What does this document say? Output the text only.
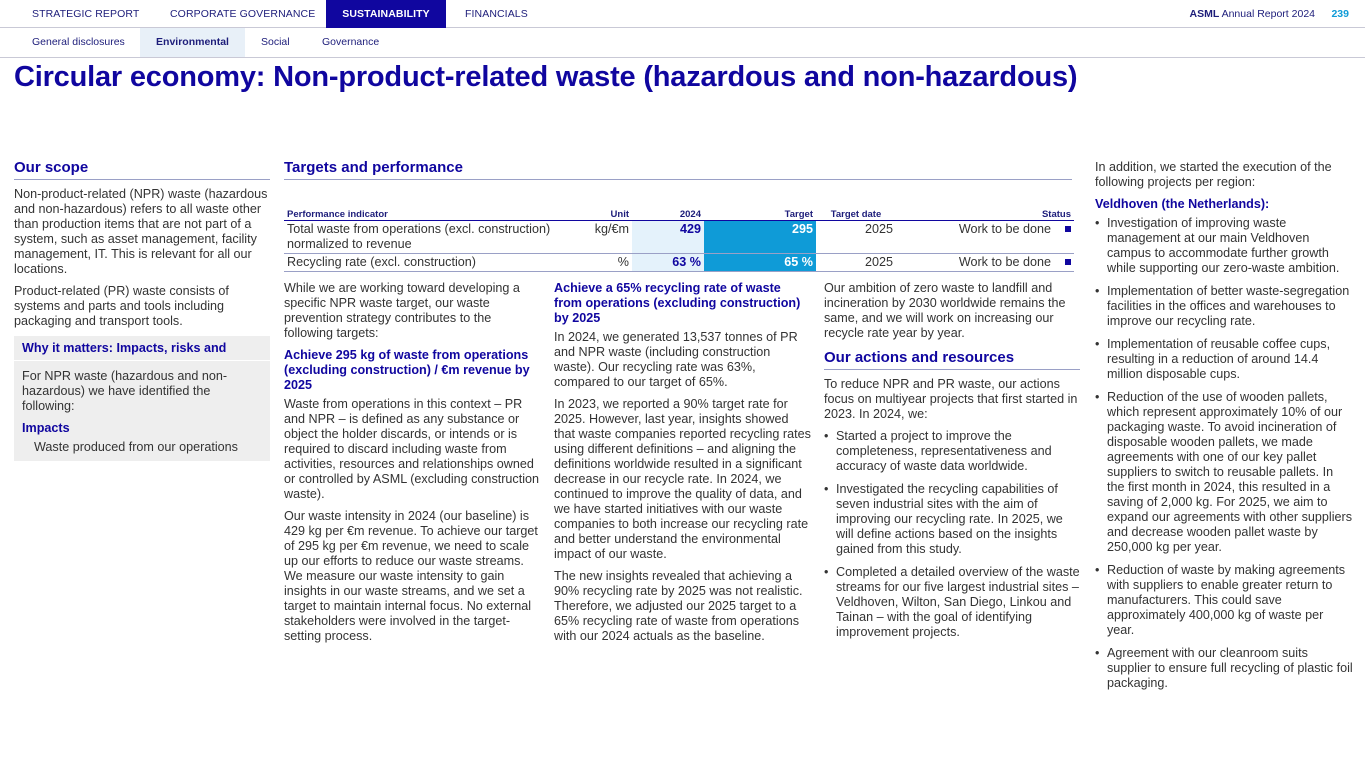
STRATEGIC REPORT	CORPORATE GOVERNANCE	SUSTAINABILITY	FINANCIALS	ASML Annual Report 2024 239
General disclosures	Environmental	Social	Governance
Circular economy: Non-product-related waste (hazardous and non-hazardous)
Our scope

Non-product-related (NPR) waste (hazardous and non-hazardous) refers to all waste other than production items that are not part of a system, such as asset management, facility management, IT. This is relevant for all our locations.

Product-related (PR) waste consists of systems and parts and tools including packaging and transport tools.

Why it matters: Impacts, risks and

For NPR waste (hazardous and non-hazardous) we have identified the following:

Impacts
Waste produced from our operations
Targets and performance
Performance indicator	Unit	2024	Target	Target date	Status
Total waste from operations (excl. construction) normalized to revenue	kg/€m	429	295	2025	Work to be done
Recycling rate (excl. construction)	%	63 %	65 %	2025	Work to be done

While we are working toward developing a specific NPR waste target, our waste prevention strategy contributes to the following targets:

Achieve 295 kg of waste from operations (excluding construction) / €m revenue by 2025

Waste from operations in this context – PR and NPR – is defined as any substance or object the holder discards, or intends or is required to discard including waste from activities, resources and relationships owned or controlled by ASML (excluding construction waste).

Our waste intensity in 2024 (our baseline) is 429 kg per €m revenue. To achieve our target of 295 kg per €m revenue, we need to scale up our efforts to reduce our waste streams. We measure our waste intensity to gain insights in our waste streams, and we set a target to maintain internal focus. No external stakeholders were involved in the target-setting process.

Achieve a 65% recycling rate of waste from operations (excluding construction) by 2025

In 2024, we generated 13,537 tonnes of PR and NPR waste (including construction waste). Our recycling rate was 63%, compared to our target of 65%.

In 2023, we reported a 90% target rate for 2025. However, last year, insights showed that waste companies reported recycling rates using different definitions – and aligning the definitions worldwide resulted in a significant decrease in our recycle rate. In 2024, we continued to improve the quality of data, and we have started initiatives with our waste companies to both increase our recycling rate and better understand the environmental impact of our waste.

The new insights revealed that achieving a 90% recycling rate by 2025 was not realistic. Therefore, we adjusted our 2025 target to a 65% recycling rate of waste from operations with our 2024 actuals as the baseline.

Our ambition of zero waste to landfill and incineration by 2030 worldwide remains the same, and we will work on increasing our recycle rate year by year.

Our actions and resources

To reduce NPR and PR waste, our actions focus on multiyear projects that first started in 2023. In 2024, we:

• Started a project to improve the completeness, representativeness and accuracy of waste data worldwide.
• Investigated the recycling capabilities of seven industrial sites with the aim of improving our recycling rate. In 2025, we will define actions based on the insights gained from this study.
• Completed a detailed overview of the waste streams for our five largest industrial sites – Veldhoven, Wilton, San Diego, Linkou and Tainan – with the goal of identifying improvement projects.

In addition, we started the execution of the following projects per region:

Veldhoven (the Netherlands):
• Investigation of improving waste management at our main Veldhoven campus to accommodate further growth while supporting our zero-waste ambition.
• Implementation of better waste-segregation facilities in the offices and warehouses to improve our recycling rate.
• Implementation of reusable coffee cups, resulting in a reduction of around 14.4 million disposable cups.
• Reduction of the use of wooden pallets, which represent approximately 10% of our packaging waste. To avoid incineration of disposable wooden pallets, we made agreements with one of our key pallet suppliers to switch to reusable pallets. In the first month in 2024, this resulted in a saving of 2,000 kg. For 2025, we aim to expand our agreements with other suppliers and decrease wooden pallet waste by 250,000 kg per year.
• Reduction of waste by making agreements with suppliers to enable greater return to manufacturers. This could save approximately 400,000 kg of waste per year.
• Agreement with our cleanroom suits supplier to ensure full recycling of plastic foil packaging.
